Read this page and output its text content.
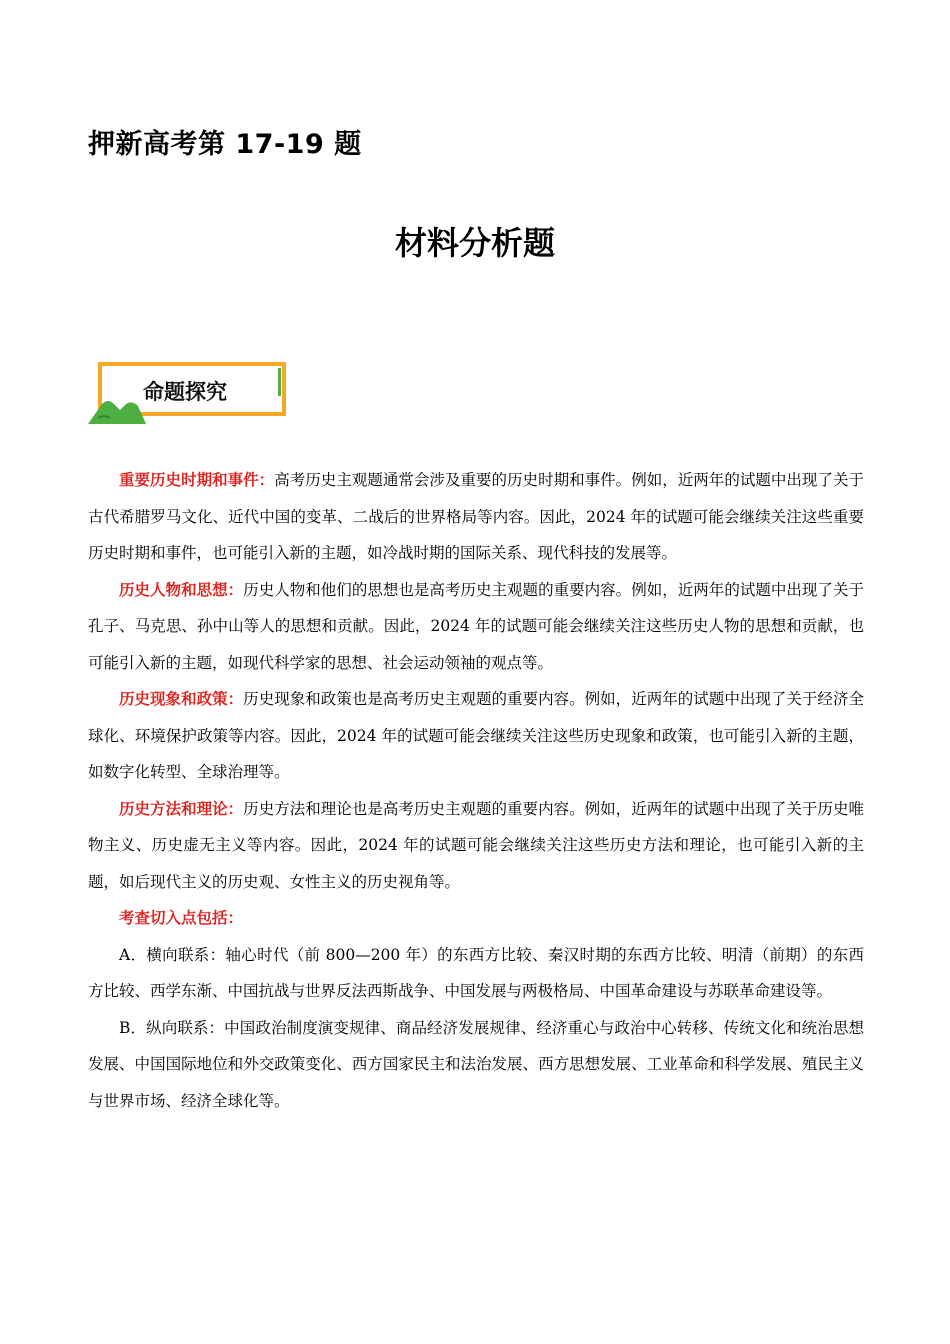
押新高考第 17-19 题
材料分析题
命题探究

重要历史时期和事件：高考历史主观题通常会涉及重要的历史时期和事件。例如，近两年的试题中出现了关于古代希腊罗马文化、近代中国的变革、二战后的世界格局等内容。因此，2024 年的试题可能会继续关注这些重要历史时期和事件，也可能引入新的主题，如冷战时期的国际关系、现代科技的发展等。

历史人物和思想：历史人物和他们的思想也是高考历史主观题的重要内容。例如，近两年的试题中出现了关于孔子、马克思、孙中山等人的思想和贡献。因此，2024 年的试题可能会继续关注这些历史人物的思想和贡献，也可能引入新的主题，如现代科学家的思想、社会运动领袖的观点等。

历史现象和政策：历史现象和政策也是高考历史主观题的重要内容。例如，近两年的试题中出现了关于经济全球化、环境保护政策等内容。因此，2024 年的试题可能会继续关注这些历史现象和政策，也可能引入新的主题，如数字化转型、全球治理等。

历史方法和理论：历史方法和理论也是高考历史主观题的重要内容。例如，近两年的试题中出现了关于历史唯物主义、历史虚无主义等内容。因此，2024 年的试题可能会继续关注这些历史方法和理论，也可能引入新的主题，如后现代主义的历史观、女性主义的历史视角等。

考查切入点包括：

A．横向联系：轴心时代（前 800—200 年）的东西方比较、秦汉时期的东西方比较、明清（前期）的东西方比较、西学东渐、中国抗战与世界反法西斯战争、中国发展与两极格局、中国革命建设与苏联革命建设等。

B．纵向联系：中国政治制度演变规律、商品经济发展规律、经济重心与政治中心转移、传统文化和统治思想发展、中国国际地位和外交政策变化、西方国家民主和法治发展、西方思想发展、工业革命和科学发展、殖民主义与世界市场、经济全球化等。
